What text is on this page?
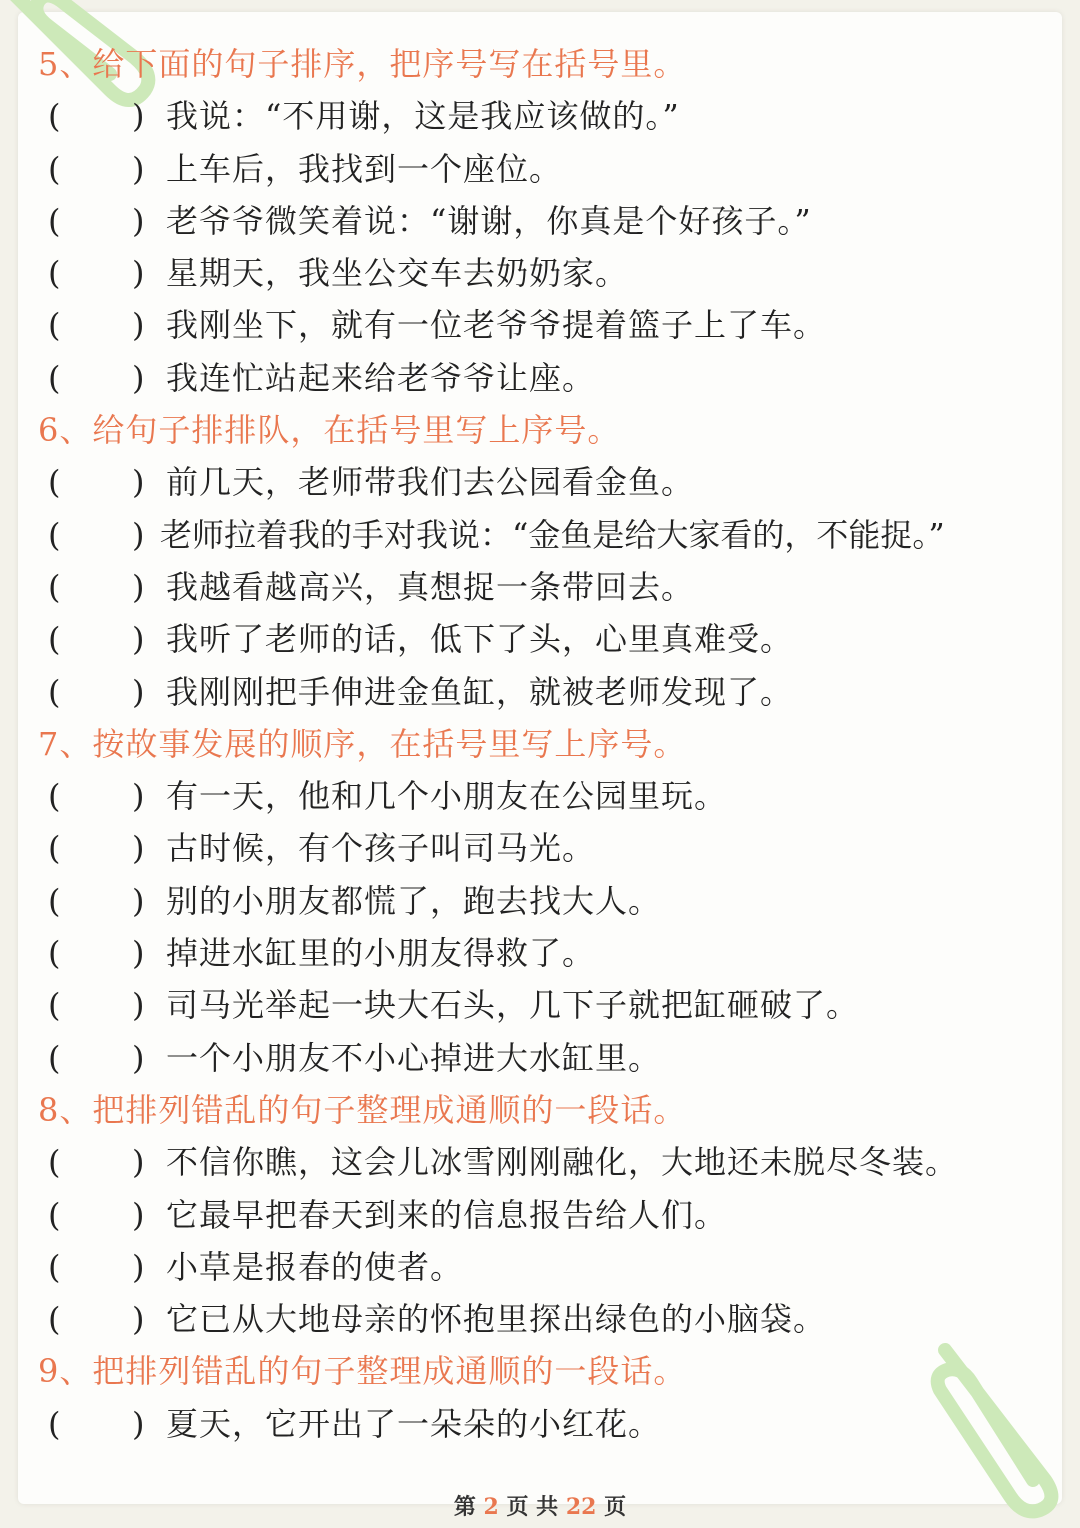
5、给下面的句子排序，把序号写在括号里。
( ) 我说：“不用谢，这是我应该做的。”
( ) 上车后，我找到一个座位。
( ) 老爷爷微笑着说：“谢谢，你真是个好孩子。”
( ) 星期天，我坐公交车去奶奶家。
( ) 我刚坐下，就有一位老爷爷提着篮子上了车。
( ) 我连忙站起来给老爷爷让座。
6、给句子排排队，在括号里写上序号。
( ) 前几天，老师带我们去公园看金鱼。
( ) 老师拉着我的手对我说：“金鱼是给大家看的，不能捉。”
( ) 我越看越高兴，真想捉一条带回去。
( ) 我听了老师的话，低下了头，心里真难受。
( ) 我刚刚把手伸进金鱼缸，就被老师发现了。
7、按故事发展的顺序，在括号里写上序号。
( ) 有一天，他和几个小朋友在公园里玩。
( ) 古时候，有个孩子叫司马光。
( ) 别的小朋友都慌了，跑去找大人。
( ) 掉进水缸里的小朋友得救了。
( ) 司马光举起一块大石头，几下子就把缸砸破了。
( ) 一个小朋友不小心掉进大水缸里。
8、把排列错乱的句子整理成通顺的一段话。
( ) 不信你瞧，这会儿冰雪刚刚融化，大地还未脱尽冬装。
( ) 它最早把春天到来的信息报告给人们。
( ) 小草是报春的使者。
( ) 它已从大地母亲的怀抱里探出绿色的小脑袋。
9、把排列错乱的句子整理成通顺的一段话。
( ) 夏天，它开出了一朵朵的小红花。
第 2 页 共 22 页
